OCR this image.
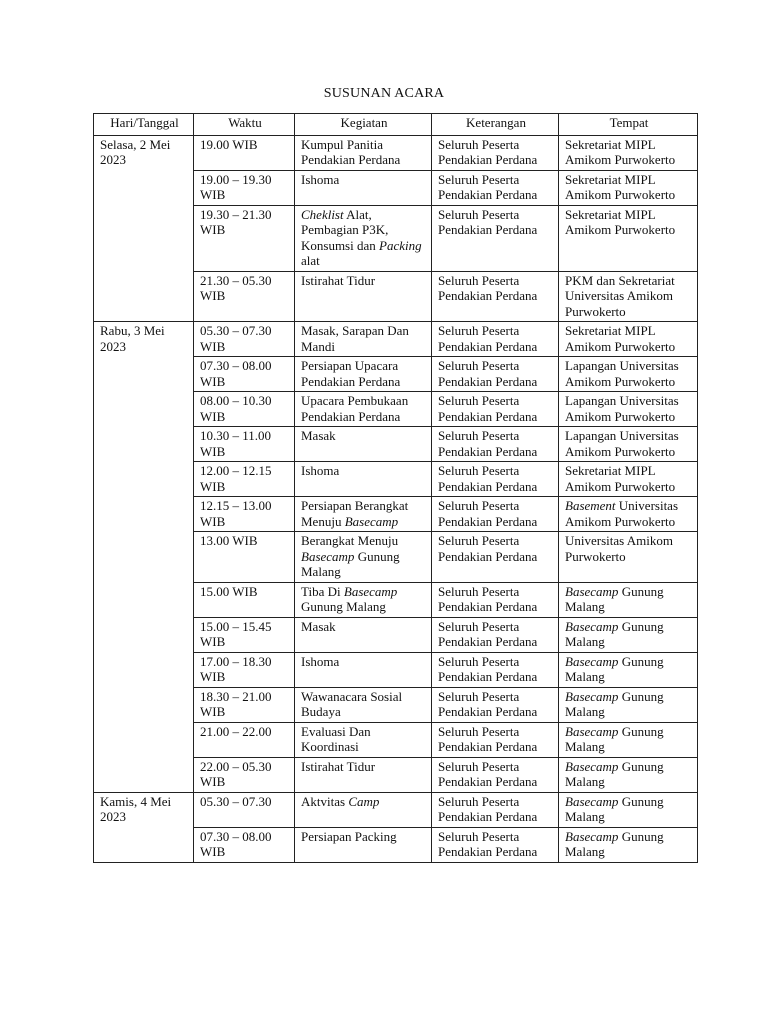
SUSUNAN ACARA
Hari/Tanggal	Waktu	Kegiatan	Keterangan	Tempat
Selasa, 2 Mei 2023	19.00 WIB	Kumpul Panitia Pendakian Perdana	Seluruh Peserta Pendakian Perdana	Sekretariat MIPL Amikom Purwokerto
	19.00 – 19.30 WIB	Ishoma	Seluruh Peserta Pendakian Perdana	Sekretariat MIPL Amikom Purwokerto
	19.30 – 21.30 WIB	Cheklist Alat, Pembagian P3K, Konsumsi dan Packing alat	Seluruh Peserta Pendakian Perdana	Sekretariat MIPL Amikom Purwokerto
	21.30 – 05.30 WIB	Istirahat Tidur	Seluruh Peserta Pendakian Perdana	PKM dan Sekretariat Universitas Amikom Purwokerto
Rabu, 3 Mei 2023	05.30 – 07.30 WIB	Masak, Sarapan Dan Mandi	Seluruh Peserta Pendakian Perdana	Sekretariat MIPL Amikom Purwokerto
	07.30 – 08.00 WIB	Persiapan Upacara Pendakian Perdana	Seluruh Peserta Pendakian Perdana	Lapangan Universitas Amikom Purwokerto
	08.00 – 10.30 WIB	Upacara Pembukaan Pendakian Perdana	Seluruh Peserta Pendakian Perdana	Lapangan Universitas Amikom Purwokerto
	10.30 – 11.00 WIB	Masak	Seluruh Peserta Pendakian Perdana	Lapangan Universitas Amikom Purwokerto
	12.00 – 12.15 WIB	Ishoma	Seluruh Peserta Pendakian Perdana	Sekretariat MIPL Amikom Purwokerto
	12.15 – 13.00 WIB	Persiapan Berangkat Menuju Basecamp	Seluruh Peserta Pendakian Perdana	Basement Universitas Amikom Purwokerto
	13.00 WIB	Berangkat Menuju Basecamp Gunung Malang	Seluruh Peserta Pendakian Perdana	Universitas Amikom Purwokerto
	15.00 WIB	Tiba Di Basecamp Gunung Malang	Seluruh Peserta Pendakian Perdana	Basecamp Gunung Malang
	15.00 – 15.45 WIB	Masak	Seluruh Peserta Pendakian Perdana	Basecamp Gunung Malang
	17.00 – 18.30 WIB	Ishoma	Seluruh Peserta Pendakian Perdana	Basecamp Gunung Malang
	18.30 – 21.00 WIB	Wawanacara Sosial Budaya	Seluruh Peserta Pendakian Perdana	Basecamp Gunung Malang
	21.00 – 22.00	Evaluasi Dan Koordinasi	Seluruh Peserta Pendakian Perdana	Basecamp Gunung Malang
	22.00 – 05.30 WIB	Istirahat Tidur	Seluruh Peserta Pendakian Perdana	Basecamp Gunung Malang
Kamis, 4 Mei 2023	05.30 – 07.30	Aktvitas Camp	Seluruh Peserta Pendakian Perdana	Basecamp Gunung Malang
	07.30 – 08.00 WIB	Persiapan Packing	Seluruh Peserta Pendakian Perdana	Basecamp Gunung Malang
